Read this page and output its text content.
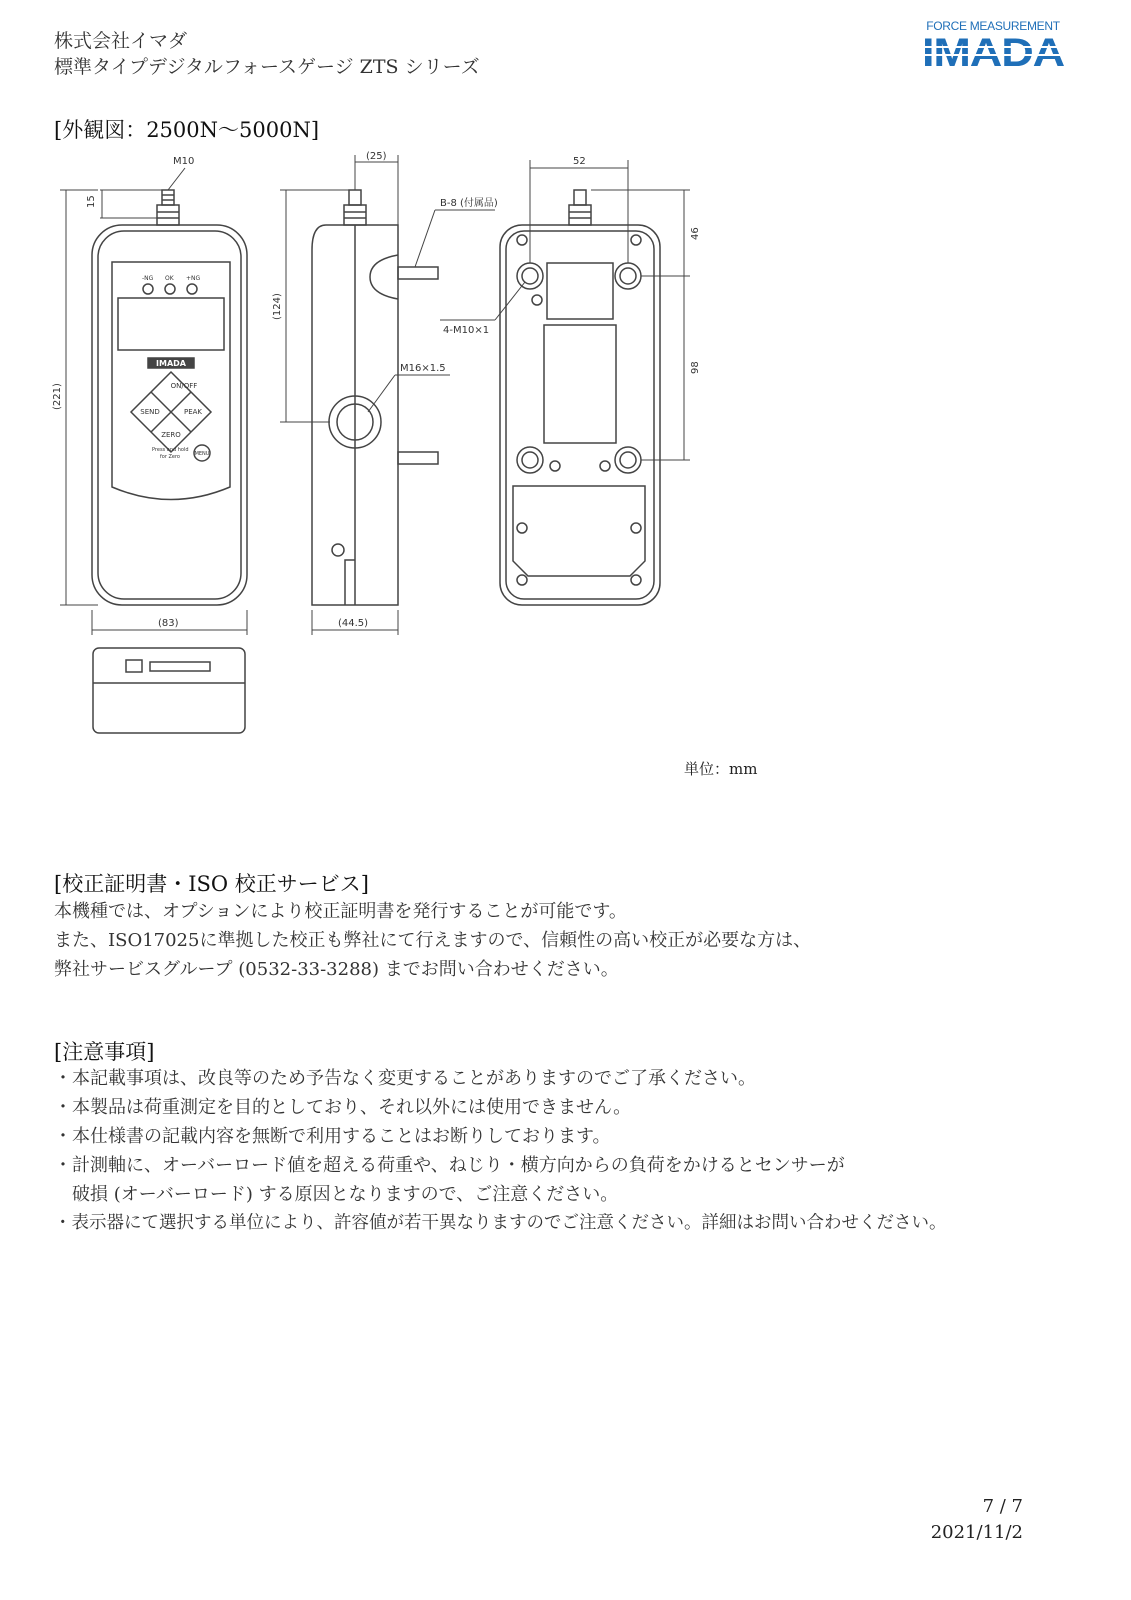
株式会社イマダ
標準タイプデジタルフォースゲージ ZTS シリーズ
FORCE MEASUREMENT
IMADA
[外観図：2500N～5000N]
M10
15
(221)
(83)
(25)
(124)
(44.5)
B-8 (付属品)
M16×1.5
52
46
98
4-M10×1
-NG OK +NG
IMADA
ON/OFF
SEND	PEAK
ZERO
MENU
Press and hold
for Zero
単位：mm
[校正証明書・ISO 校正サービス]
本機種では、オプションにより校正証明書を発行することが可能です。
また、ISO17025に準拠した校正も弊社にて行えますので、信頼性の高い校正が必要な方は、
弊社サービスグループ (0532-33-3288) までお問い合わせください。
[注意事項]
・本記載事項は、改良等のため予告なく変更することがありますのでご了承ください。
・本製品は荷重測定を目的としており、それ以外には使用できません。
・本仕様書の記載内容を無断で利用することはお断りしております。
・計測軸に、オーバーロード値を超える荷重や、ねじり・横方向からの負荷をかけるとセンサーが
　破損 (オーバーロード) する原因となりますので、ご注意ください。
・表示器にて選択する単位により、許容値が若干異なりますのでご注意ください。詳細はお問い合わせください。
7 / 7
2021/11/2
